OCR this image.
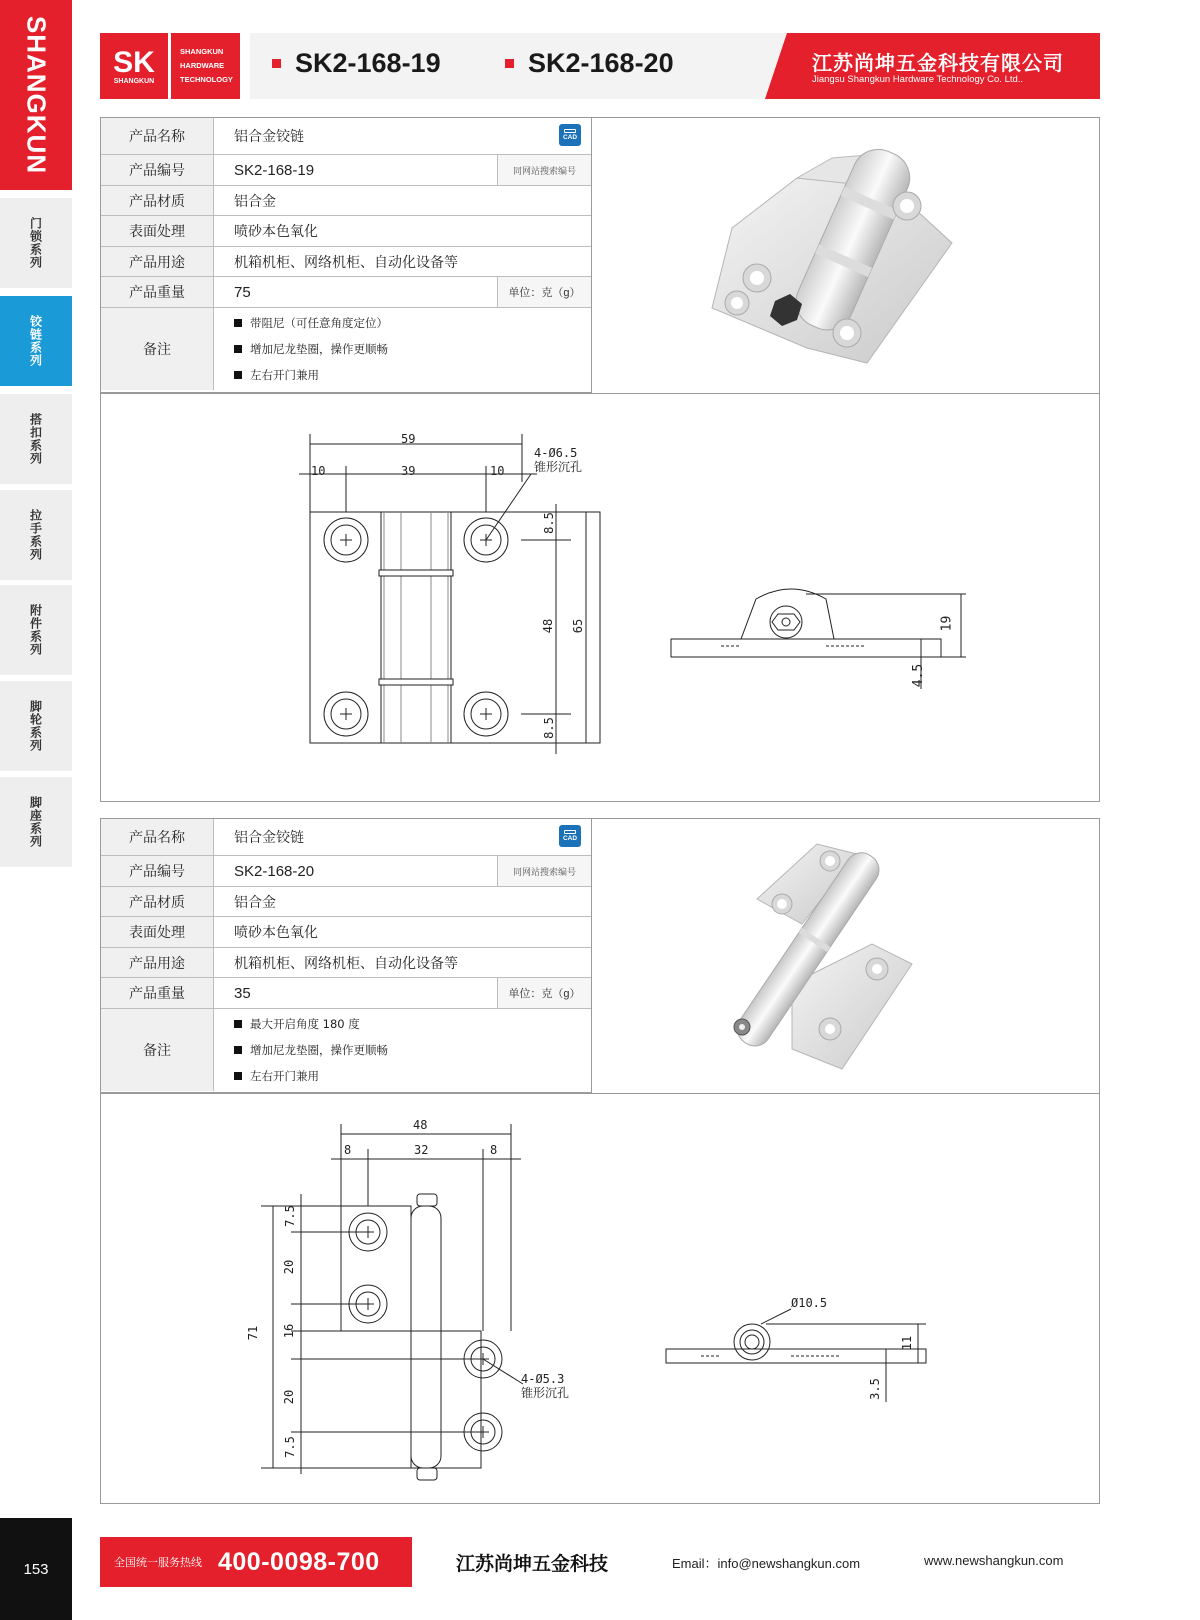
SHANGKUN
门锁系列
铰链系列
搭扣系列
拉手系列
附件系列
脚轮系列
脚座系列
153
SK
SHANGKUN
SHANGKUN
HARDWARE
TECHNOLOGY
SK2-168-19	SK2-168-20	江苏尚坤五金科技有限公司
Jiangsu Shangkun Hardware Technology Co. Ltd..
产品名称	铝合金铰链	CAD
产品编号	SK2-168-19	同网站搜索编号
产品材质	铝合金
表面处理	喷砂本色氧化
产品用途	机箱机柜、网络机柜、自动化设备等
产品重量	75	单位：克（g）
备注
带阻尼（可任意角度定位）
增加尼龙垫圈，操作更顺畅
左右开门兼用
59
10	39	10
4-Ø6.5
锥形沉孔
8.5
48
8.5
65	19
4.5
产品名称	铝合金铰链	CAD
产品编号	SK2-168-20	同网站搜索编号
产品材质	铝合金
表面处理	喷砂本色氧化
产品用途	机箱机柜、网络机柜、自动化设备等
产品重量	35	单位：克（g）
备注
最大开启角度 180 度
增加尼龙垫圈，操作更顺畅
左右开门兼用
48
8	32	8
71
7.5
20
16
20
7.5
4-Ø5.3
锥形沉孔
Ø10.5
11
3.5
全国统一服务热线 400-0098-700	江苏尚坤五金科技	Email：info@newshangkun.com	www.newshangkun.com
